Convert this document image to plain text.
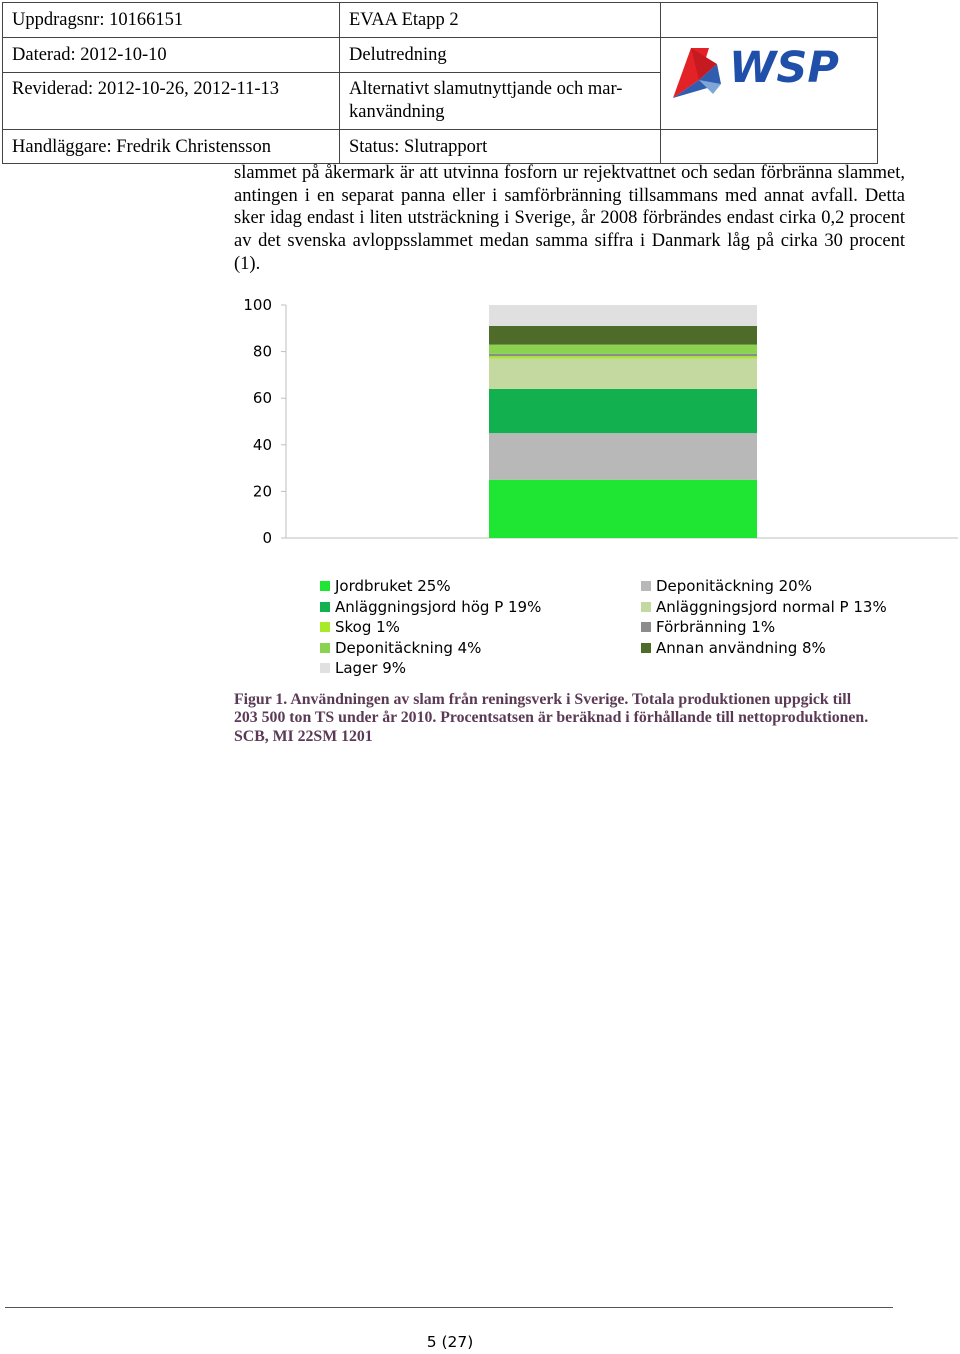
Uppdragsnr: 10166151	EVAA Etapp 2	
Daterad: 2012-10-10	Delutredning	WSP

Reviderad: 2012-10-26, 2012-11-13	Alternativt slamutnyttjande och mar-
kanvändning	
Handläggare: Fredrik Christensson	Status: Slutrapport	
slammet på åkermark är att utvinna fosforn ur rejektvattnet och sedan förbränna slammet, antingen i en separat panna eller i samförbränning tillsammans med annat avfall. Detta sker idag endast i liten utsträckning i Sverige, år 2008 förbrändes endast cirka 0,2 procent av det svenska avloppsslammet medan samma siffra i Danmark låg på cirka 30 procent (1).
0
20
40
60
80
100
Jordbruket 25%	Deponitäckning 20%
Anläggningsjord hög P 19%	Anläggningsjord normal P 13%
Skog 1%	Förbränning 1%
Deponitäckning 4%	Annan användning 8%
Lager 9%
Figur 1. Användningen av slam från reningsverk i Sverige. Totala produktionen uppgick till
203 500 ton TS under år 2010. Procentsatsen är beräknad i förhållande till nettoproduktionen.
SCB, MI 22SM 1201
5 (27)
